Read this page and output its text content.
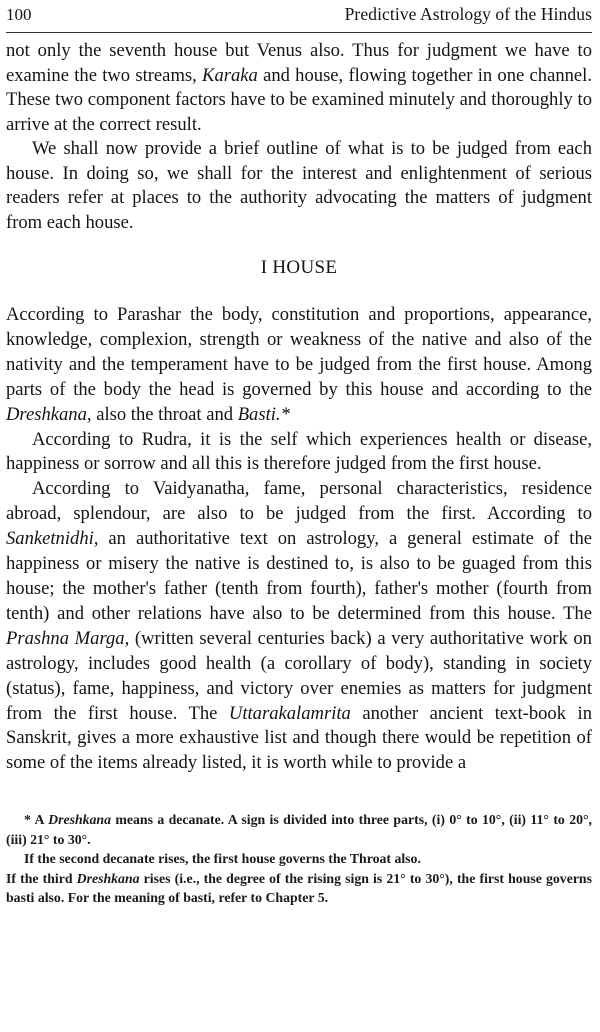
100	Predictive Astrology of the Hindus

not only the seventh house but Venus also. Thus for judgment we have to examine the two streams, Karaka and house, flowing together in one channel. These two component factors have to be examined minutely and thoroughly to arrive at the correct result.

We shall now provide a brief outline of what is to be judged from each house. In doing so, we shall for the interest and enlightenment of serious readers refer at places to the authority advocating the matters of judgment from each house.

I HOUSE

According to Parashar the body, constitution and proportions, appearance, knowledge, complexion, strength or weakness of the native and also of the nativity and the temperament have to be judged from the first house. Among parts of the body the head is governed by this house and according to the Dreshkana, also the throat and Basti.*

According to Rudra, it is the self which experiences health or disease, happiness or sorrow and all this is therefore judged from the first house.

According to Vaidyanatha, fame, personal characteristics, residence abroad, splendour, are also to be judged from the first. According to Sanketnidhi, an authoritative text on astrology, a general estimate of the happiness or misery the native is destined to, is also to be guaged from this house; the mother's father (tenth from fourth), father's mother (fourth from tenth) and other relations have also to be determined from this house. The Prashna Marga, (written several centuries back) a very authoritative work on astrology, includes good health (a corollary of body), standing in society (status), fame, happiness, and victory over enemies as matters for judgment from the first house. The Uttarakalamrita another ancient text-book in Sanskrit, gives a more exhaustive list and though there would be repetition of some of the items already listed, it is worth while to provide a

* A Dreshkana means a decanate. A sign is divided into three parts, (i) 0° to 10°, (ii) 11° to 20°, (iii) 21° to 30°.

If the second decanate rises, the first house governs the Throat also.

If the third Dreshkana rises (i.e., the degree of the rising sign is 21° to 30°), the first house governs basti also. For the meaning of basti, refer to Chapter 5.
